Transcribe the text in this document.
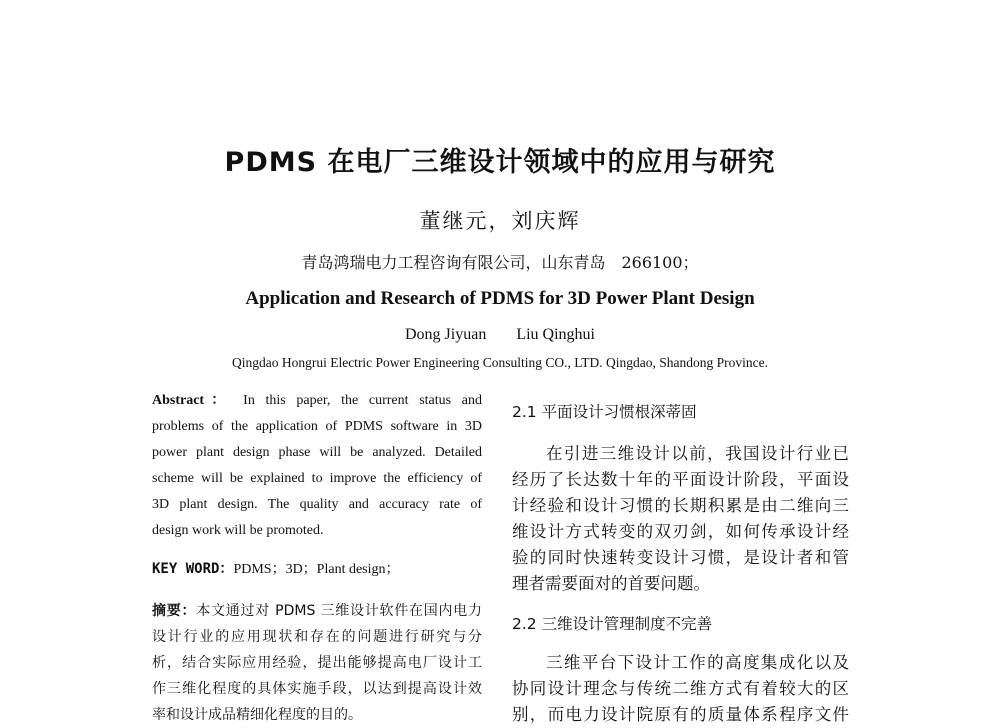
PDMS 在电厂三维设计领域中的应用与研究
董继元，刘庆辉
青岛鸿瑞电力工程咨询有限公司，山东青岛　266100；
Application and Research of PDMS for 3D Power Plant Design
Dong Jiyuan Liu Qinghui
Qingdao Hongrui Electric Power Engineering Consulting CO., LTD. Qingdao, Shandong Province.
Abstract： In this paper, the current status and
problems of the application of PDMS software in 3D
power plant design phase will be analyzed. Detailed
scheme will be explained to improve the efficiency of
3D plant design. The quality and accuracy rate of
design work will be promoted.
KEY WORD：PDMS；3D；Plant design；
摘要：本文通过对 PDMS 三维设计软件在国内电力
设计行业的应用现状和存在的问题进行研究与分
析，结合实际应用经验，提出能够提高电厂设计工
作三维化程度的具体实施手段，以达到提高设计效
率和设计成品精细化程度的目的。
2.1 平面设计习惯根深蒂固
在引进三维设计以前，我国设计行业已
经历了长达数十年的平面设计阶段，平面设
计经验和设计习惯的长期积累是由二维向三
维设计方式转变的双刃剑，如何传承设计经
验的同时快速转变设计习惯，是设计者和管
理者需要面对的首要问题。
2.2 三维设计管理制度不完善
三维平台下设计工作的高度集成化以及
协同设计理念与传统二维方式有着较大的区
别，而电力设计院原有的质量体系程序文件
